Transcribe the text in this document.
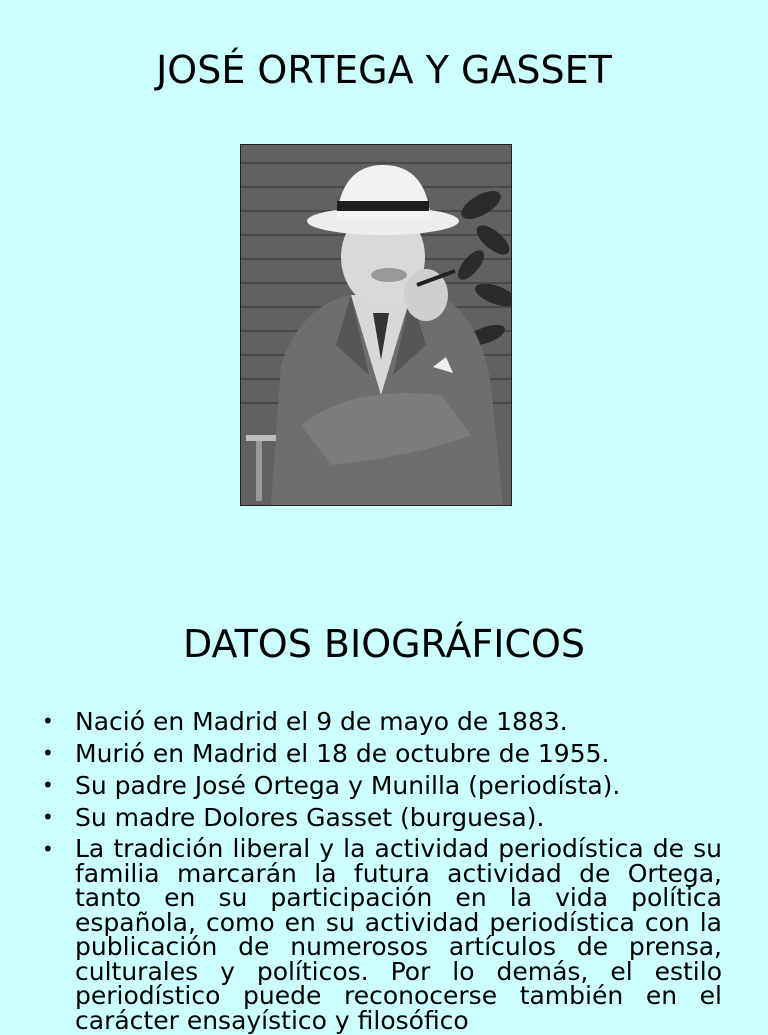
JOSÉ ORTEGA Y GASSET
DATOS BIOGRÁFICOS
• Nació en Madrid el 9 de mayo de 1883.
• Murió en Madrid el 18 de octubre de 1955.
• Su padre José Ortega y Munilla (periodísta).
• Su madre Dolores Gasset (burguesa).
• La tradición liberal y la actividad periodística de su familia marcarán la futura actividad de Ortega, tanto en su participación en la vida política española, como en su actividad periodística con la publicación de numerosos artículos de prensa, culturales y políticos. Por lo demás, el estilo periodístico puede reconocerse también en el carácter ensayístico y filosófico
